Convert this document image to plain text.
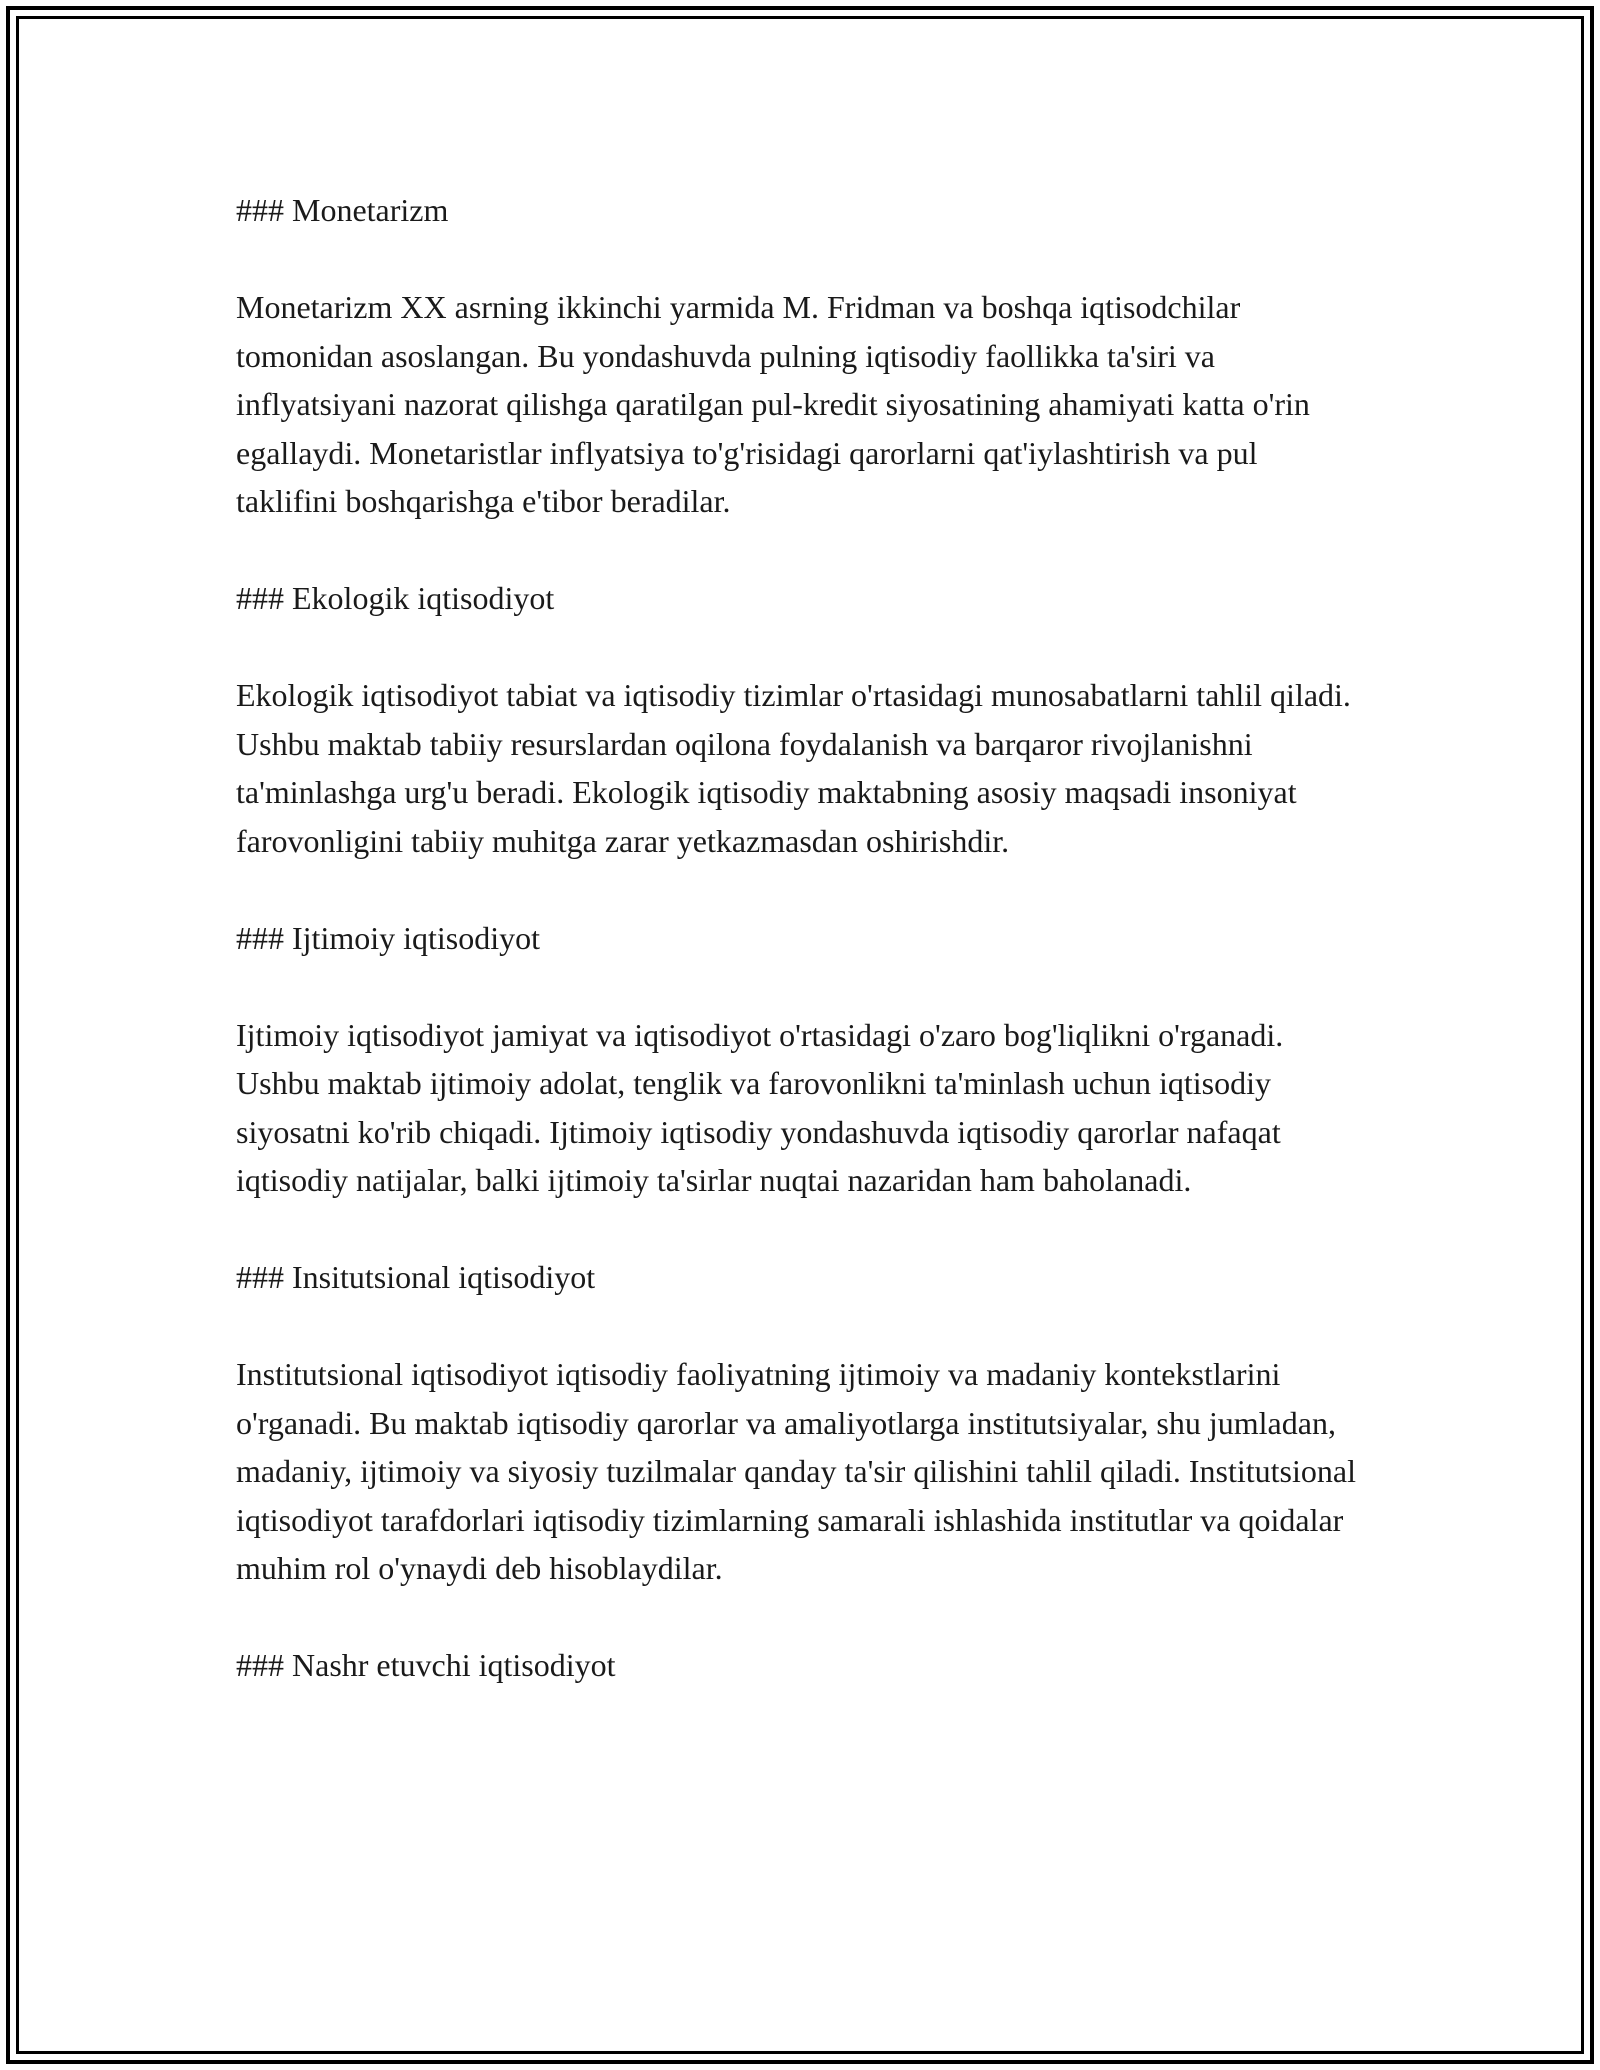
### Monetarizm

Monetarizm XX asrning ikkinchi yarmida M. Fridman va boshqa iqtisodchilar tomonidan asoslangan. Bu yondashuvda pulning iqtisodiy faollikka ta'siri va inflyatsiyani nazorat qilishga qaratilgan pul-kredit siyosatining ahamiyati katta o'rin egallaydi. Monetaristlar inflyatsiya to'g'risidagi qarorlarni qat'iylashtirish va pul taklifini boshqarishga e'tibor beradilar.

### Ekologik iqtisodiyot

Ekologik iqtisodiyot tabiat va iqtisodiy tizimlar o'rtasidagi munosabatlarni tahlil qiladi. Ushbu maktab tabiiy resurslardan oqilona foydalanish va barqaror rivojlanishni ta'minlashga urg'u beradi. Ekologik iqtisodiy maktabning asosiy maqsadi insoniyat farovonligini tabiiy muhitga zarar yetkazmasdan oshirishdir.

### Ijtimoiy iqtisodiyot

Ijtimoiy iqtisodiyot jamiyat va iqtisodiyot o'rtasidagi o'zaro bog'liqlikni o'rganadi. Ushbu maktab ijtimoiy adolat, tenglik va farovonlikni ta'minlash uchun iqtisodiy siyosatni ko'rib chiqadi. Ijtimoiy iqtisodiy yondashuvda iqtisodiy qarorlar nafaqat iqtisodiy natijalar, balki ijtimoiy ta'sirlar nuqtai nazaridan ham baholanadi.

### Insitutsional iqtisodiyot

Institutsional iqtisodiyot iqtisodiy faoliyatning ijtimoiy va madaniy kontekstlarini o'rganadi. Bu maktab iqtisodiy qarorlar va amaliyotlarga institutsiyalar, shu jumladan, madaniy, ijtimoiy va siyosiy tuzilmalar qanday ta'sir qilishini tahlil qiladi. Institutsional iqtisodiyot tarafdorlari iqtisodiy tizimlarning samarali ishlashida institutlar va qoidalar muhim rol o'ynaydi deb hisoblaydilar.

### Nashr etuvchi iqtisodiyot
